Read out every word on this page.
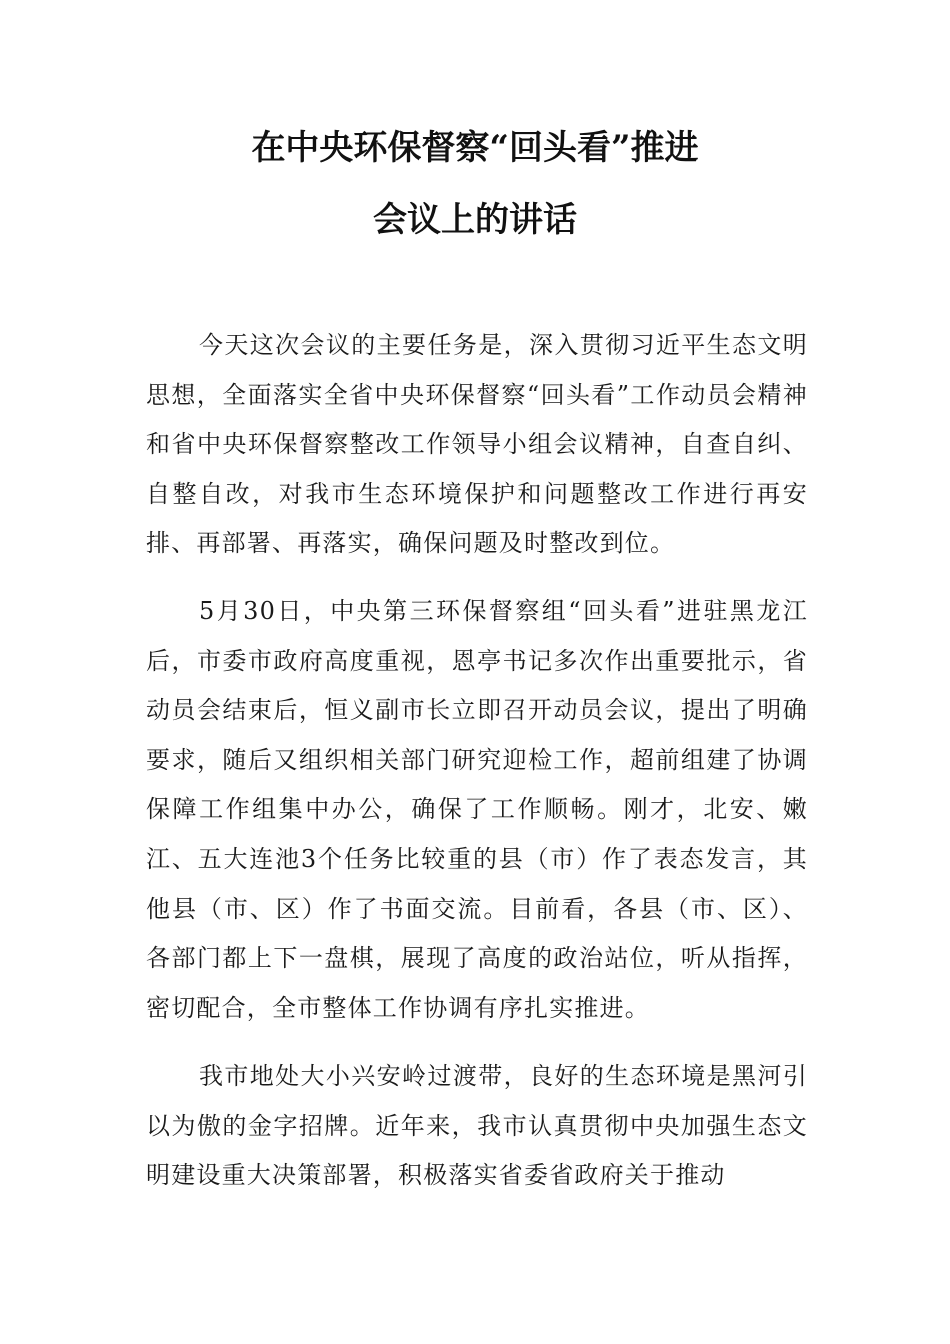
在中央环保督察“回头看”推进
会议上的讲话

今天这次会议的主要任务是，深入贯彻习近平生态文明思想，全面落实全省中央环保督察“回头看”工作动员会精神和省中央环保督察整改工作领导小组会议精神，自查自纠、自整自改，对我市生态环境保护和问题整改工作进行再安排、再部署、再落实，确保问题及时整改到位。

5月30日，中央第三环保督察组“回头看”进驻黑龙江后，市委市政府高度重视，恩亭书记多次作出重要批示，省动员会结束后，恒义副市长立即召开动员会议，提出了明确要求，随后又组织相关部门研究迎检工作，超前组建了协调保障工作组集中办公，确保了工作顺畅。刚才，北安、嫩江、五大连池3个任务比较重的县（市）作了表态发言，其他县（市、区）作了书面交流。目前看，各县（市、区）、各部门都上下一盘棋，展现了高度的政治站位，听从指挥，密切配合，全市整体工作协调有序扎实推进。

我市地处大小兴安岭过渡带，良好的生态环境是黑河引以为傲的金字招牌。近年来，我市认真贯彻中央加强生态文明建设重大决策部署，积极落实省委省政府关于推动
